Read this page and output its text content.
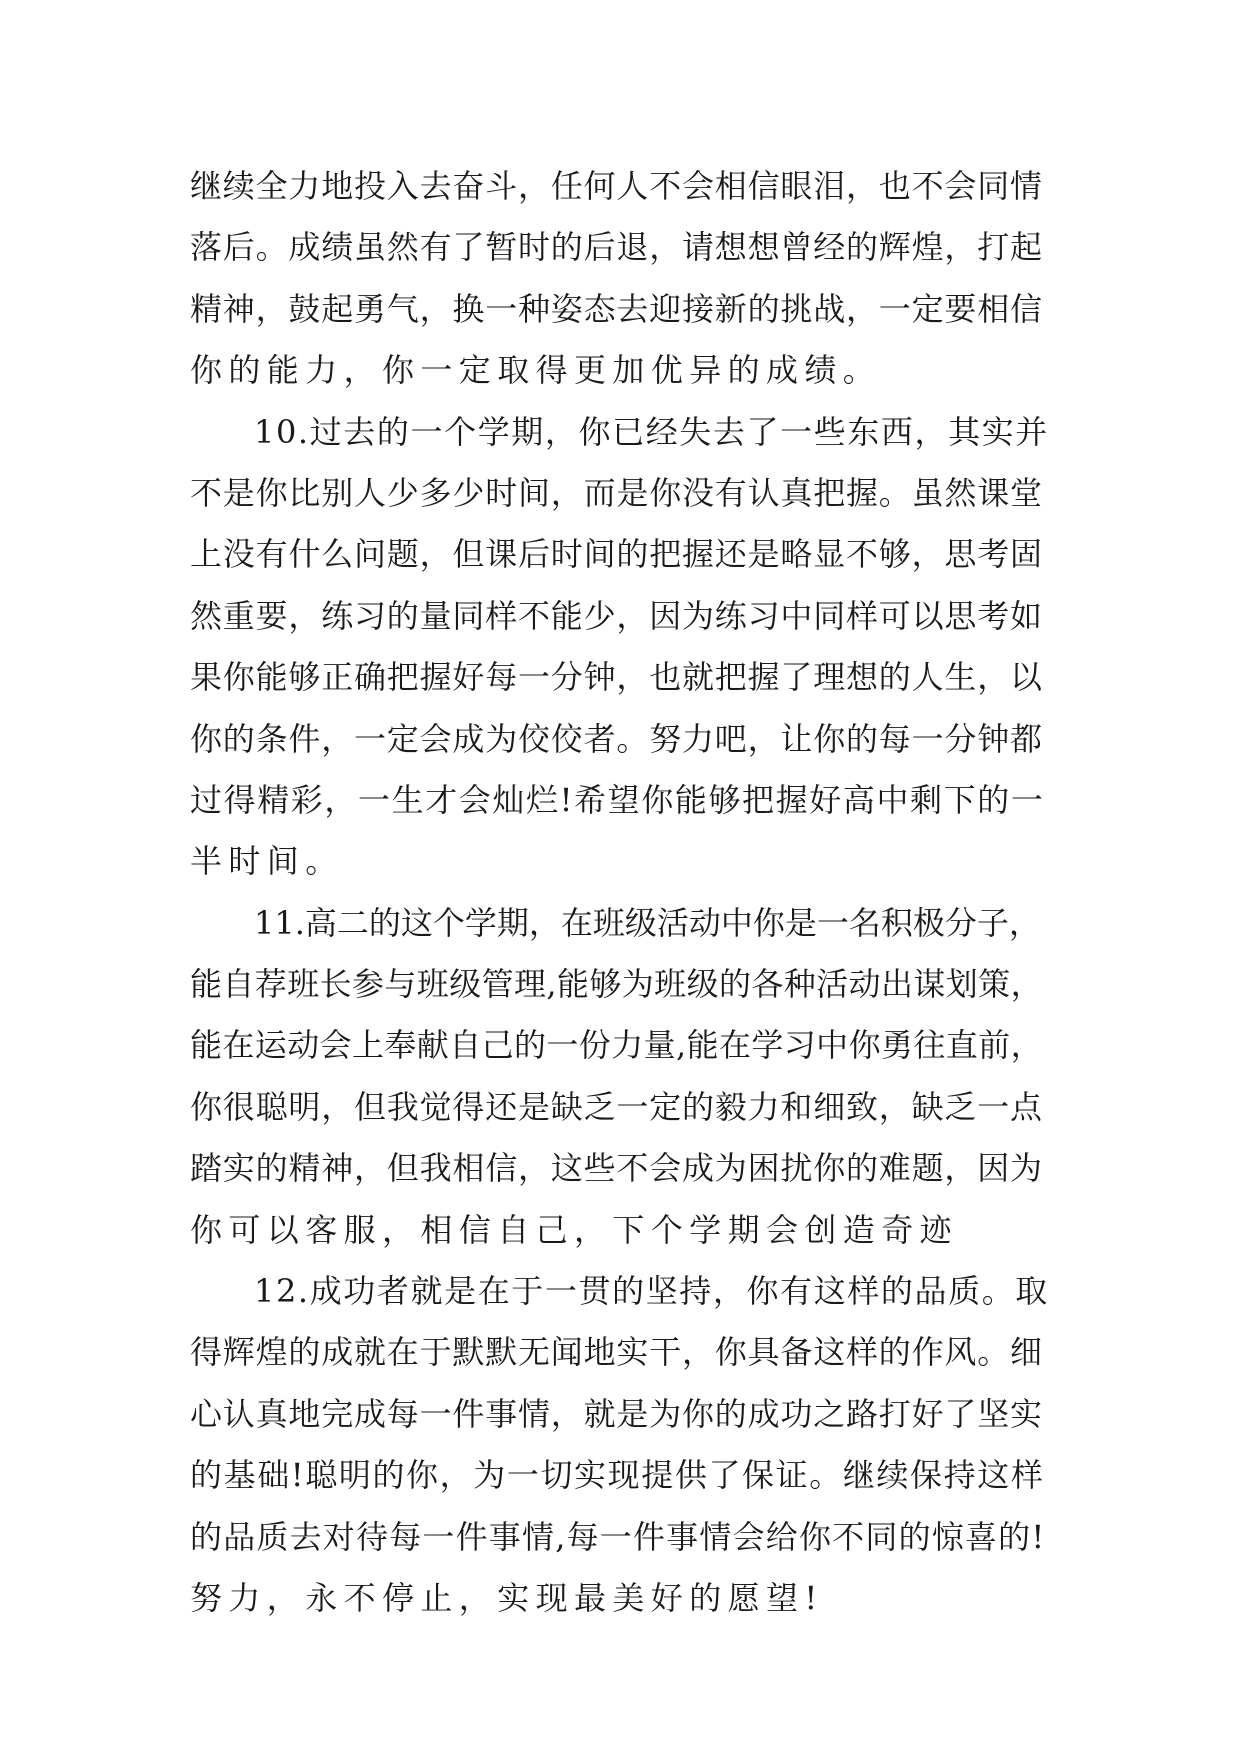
继续全力地投入去奋斗，任何人不会相信眼泪，也不会同情
落后。成绩虽然有了暂时的后退，请想想曾经的辉煌，打起
精神，鼓起勇气，换一种姿态去迎接新的挑战，一定要相信
你的能力，你一定取得更加优异的成绩。
10.过去的一个学期，你已经失去了一些东西，其实并
不是你比别人少多少时间，而是你没有认真把握。虽然课堂
上没有什么问题，但课后时间的把握还是略显不够，思考固
然重要，练习的量同样不能少，因为练习中同样可以思考如
果你能够正确把握好每一分钟，也就把握了理想的人生，以
你的条件，一定会成为佼佼者。努力吧，让你的每一分钟都
过得精彩，一生才会灿烂!希望你能够把握好高中剩下的一
半时间。
11.高二的这个学期，在班级活动中你是一名积极分子，
能自荐班长参与班级管理,能够为班级的各种活动出谋划策，
能在运动会上奉献自己的一份力量,能在学习中你勇往直前，
你很聪明，但我觉得还是缺乏一定的毅力和细致，缺乏一点
踏实的精神，但我相信，这些不会成为困扰你的难题，因为
你可以客服，相信自己，下个学期会创造奇迹
12.成功者就是在于一贯的坚持，你有这样的品质。取
得辉煌的成就在于默默无闻地实干，你具备这样的作风。细
心认真地完成每一件事情，就是为你的成功之路打好了坚实
的基础!聪明的你，为一切实现提供了保证。继续保持这样
的品质去对待每一件事情,每一件事情会给你不同的惊喜的!
努力，永不停止，实现最美好的愿望!
